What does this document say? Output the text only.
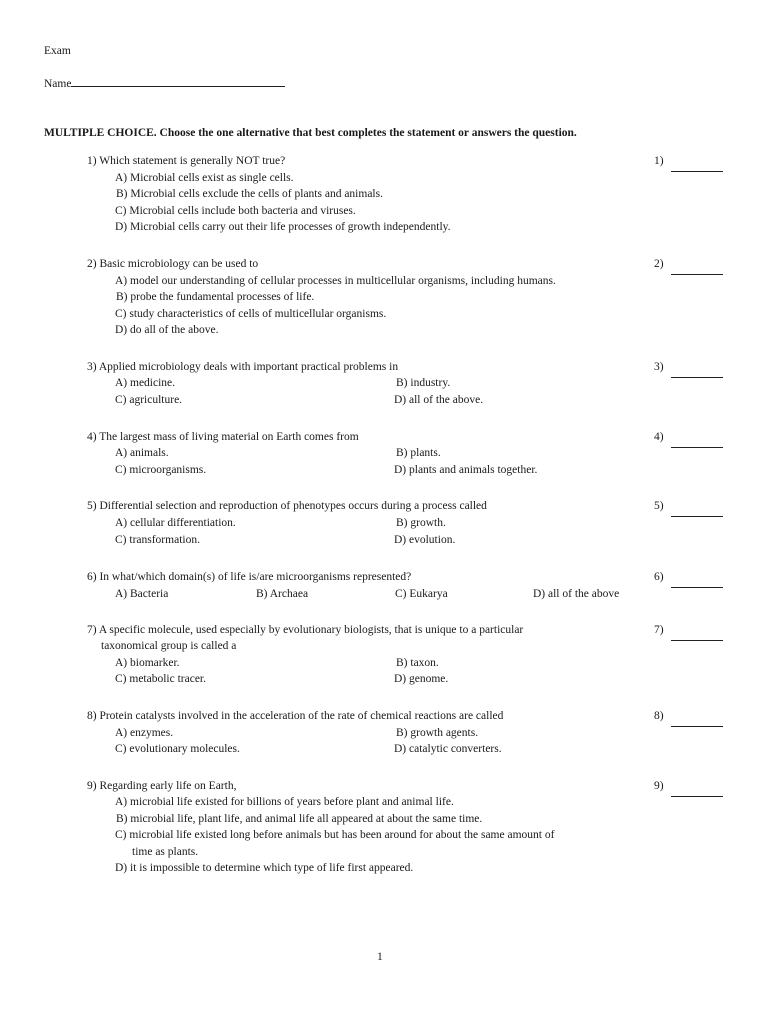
Exam
Name
MULTIPLE CHOICE. Choose the one alternative that best completes the statement or answers the question.
1) Which statement is generally NOT true?	1)
A) Microbial cells exist as single cells.
B) Microbial cells exclude the cells of plants and animals.
C) Microbial cells include both bacteria and viruses.
D) Microbial cells carry out their life processes of growth independently.
2) Basic microbiology can be used to	2)
A) model our understanding of cellular processes in multicellular organisms, including humans.
B) probe the fundamental processes of life.
C) study characteristics of cells of multicellular organisms.
D) do all of the above.
3) Applied microbiology deals with important practical problems in	3)
A) medicine.	B) industry.
C) agriculture.	D) all of the above.
4) The largest mass of living material on Earth comes from	4)
A) animals.	B) plants.
C) microorganisms.	D) plants and animals together.
5) Differential selection and reproduction of phenotypes occurs during a process called	5)
A) cellular differentiation.	B) growth.
C) transformation.	D) evolution.
6) In what/which domain(s) of life is/are microorganisms represented?	6)
A) Bacteria	B) Archaea	C) Eukarya	D) all of the above
7) A specific molecule, used especially by evolutionary biologists, that is unique to a particular
taxonomical group is called a
7)
A) biomarker.	B) taxon.
C) metabolic tracer.	D) genome.
8) Protein catalysts involved in the acceleration of the rate of chemical reactions are called	8)
A) enzymes.	B) growth agents.
C) evolutionary molecules.	D) catalytic converters.
9) Regarding early life on Earth,	9)
A) microbial life existed for billions of years before plant and animal life.
B) microbial life, plant life, and animal life all appeared at about the same time.
C) microbial life existed long before animals but has been around for about the same amount of
time as plants.
D) it is impossible to determine which type of life first appeared.
1
